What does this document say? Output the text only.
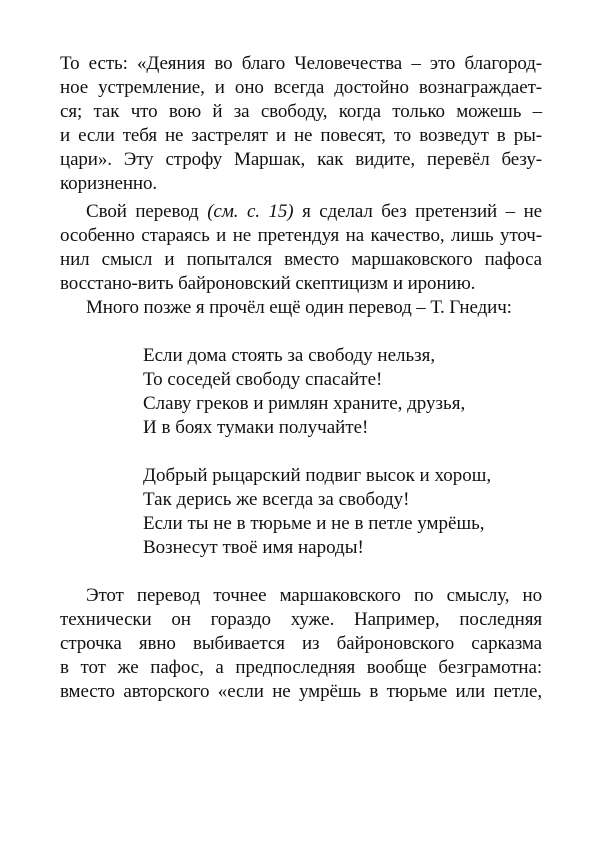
То есть: «Деяния во благо Человечества – это благород-
ное устремление, и оно всегда достойно вознаграждает-
ся; так что вою й за свободу, когда только можешь –
и если тебя не застрелят и не повесят, то возведут в ры-
цари». Эту строфу Маршак, как видите, перевёл безу-
коризненно.
Свой перевод (см. с. 15) я сделал без претензий – не
особенно стараясь и не претендуя на качество, лишь уточ-
нил смысл и попытался вместо маршаковского пафоса
восстано-вить байроновский скептицизм и иронию.
Много позже я прочёл ещё один перевод – Т. Гнедич:
Если дома стоять за свободу нельзя,
То соседей свободу спасайте!
Славу греков и римлян храните, друзья,
И в боях тумаки получайте!
Добрый рыцарский подвиг высок и хорош,
Так дерись же всегда за свободу!
Если ты не в тюрьме и не в петле умрёшь,
Вознесут твоё имя народы!
Этот перевод точнее маршаковского по смыслу, но
технически он гораздо хуже. Например, последняя
строчка явно выбивается из байроновского сарказма
в тот же пафос, а предпоследняя вообще безграмотна:
вместо авторского «если не умрёшь в тюрьме или петле,
